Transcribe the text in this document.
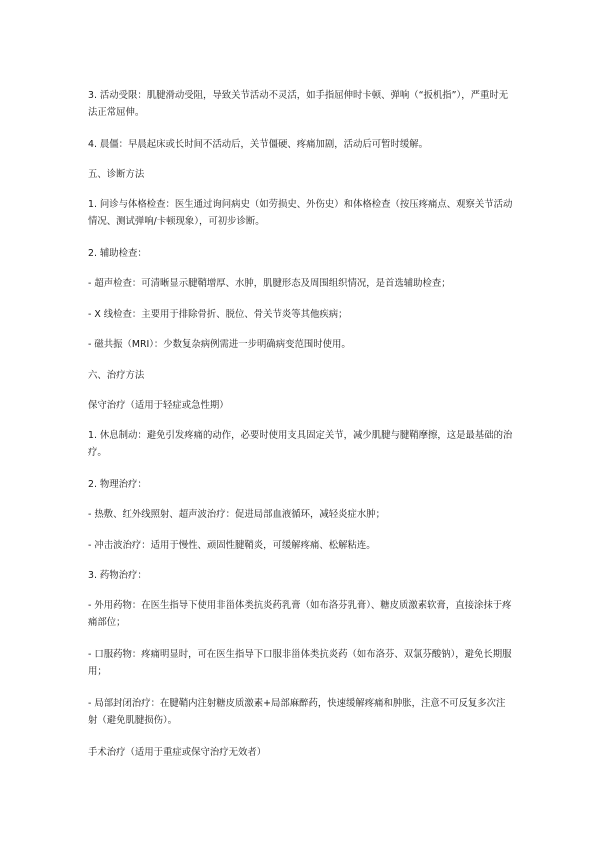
3. 活动受限：肌腱滑动受阻，导致关节活动不灵活，如手指屈伸时卡顿、弹响（“扳机指”），严重时无法正常屈伸。

4. 晨僵：早晨起床或长时间不活动后，关节僵硬、疼痛加剧，活动后可暂时缓解。

五、诊断方法

1. 问诊与体格检查：医生通过询问病史（如劳损史、外伤史）和体格检查（按压疼痛点、观察关节活动情况、测试弹响/卡顿现象），可初步诊断。

2. 辅助检查：

- 超声检查：可清晰显示腱鞘增厚、水肿，肌腱形态及周围组织情况，是首选辅助检查；

- X 线检查：主要用于排除骨折、脱位、骨关节炎等其他疾病；

- 磁共振（MRI）：少数复杂病例需进一步明确病变范围时使用。

六、治疗方法

保守治疗（适用于轻症或急性期）

1. 休息制动：避免引发疼痛的动作，必要时使用支具固定关节，减少肌腱与腱鞘摩擦，这是最基础的治疗。

2. 物理治疗：

- 热敷、红外线照射、超声波治疗：促进局部血液循环，减轻炎症水肿；

- 冲击波治疗：适用于慢性、顽固性腱鞘炎，可缓解疼痛、松解粘连。

3. 药物治疗：

- 外用药物：在医生指导下使用非甾体类抗炎药乳膏（如布洛芬乳膏）、糖皮质激素软膏，直接涂抹于疼痛部位；

- 口服药物：疼痛明显时，可在医生指导下口服非甾体类抗炎药（如布洛芬、双氯芬酸钠），避免长期服用；

- 局部封闭治疗：在腱鞘内注射糖皮质激素+局部麻醉药，快速缓解疼痛和肿胀，注意不可反复多次注射（避免肌腱损伤）。

手术治疗（适用于重症或保守治疗无效者）
